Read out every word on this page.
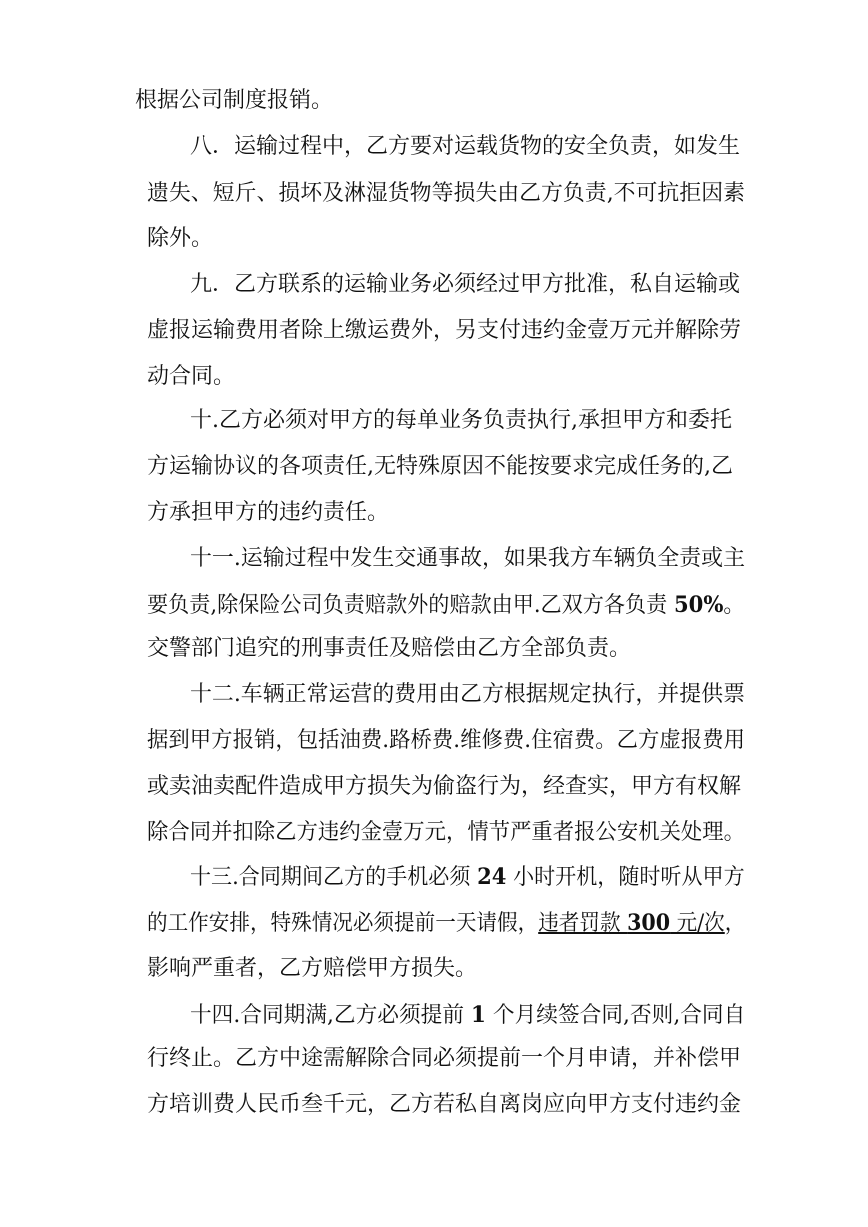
根据公司制度报销。
八．运输过程中，乙方要对运载货物的安全负责，如发生
遗失、短斤、损坏及淋湿货物等损失由乙方负责,不可抗拒因素
除外。
九．乙方联系的运输业务必须经过甲方批准，私自运输或
虚报运输费用者除上缴运费外，另支付违约金壹万元并解除劳
动合同。
十.乙方必须对甲方的每单业务负责执行,承担甲方和委托
方运输协议的各项责任,无特殊原因不能按要求完成任务的,乙
方承担甲方的违约责任。
十一.运输过程中发生交通事故，如果我方车辆负全责或主
要负责,除保险公司负责赔款外的赔款由甲.乙双方各负责 50%。
交警部门追究的刑事责任及赔偿由乙方全部负责。
十二.车辆正常运营的费用由乙方根据规定执行，并提供票
据到甲方报销，包括油费.路桥费.维修费.住宿费。乙方虚报费用
或卖油卖配件造成甲方损失为偷盗行为，经查实，甲方有权解
除合同并扣除乙方违约金壹万元，情节严重者报公安机关处理。
十三.合同期间乙方的手机必须 24 小时开机，随时听从甲方
的工作安排，特殊情况必须提前一天请假，违者罚款 300 元/次，
影响严重者，乙方赔偿甲方损失。
十四.合同期满,乙方必须提前 1 个月续签合同,否则,合同自
行终止。乙方中途需解除合同必须提前一个月申请，并补偿甲
方培训费人民币叁千元，乙方若私自离岗应向甲方支付违约金
